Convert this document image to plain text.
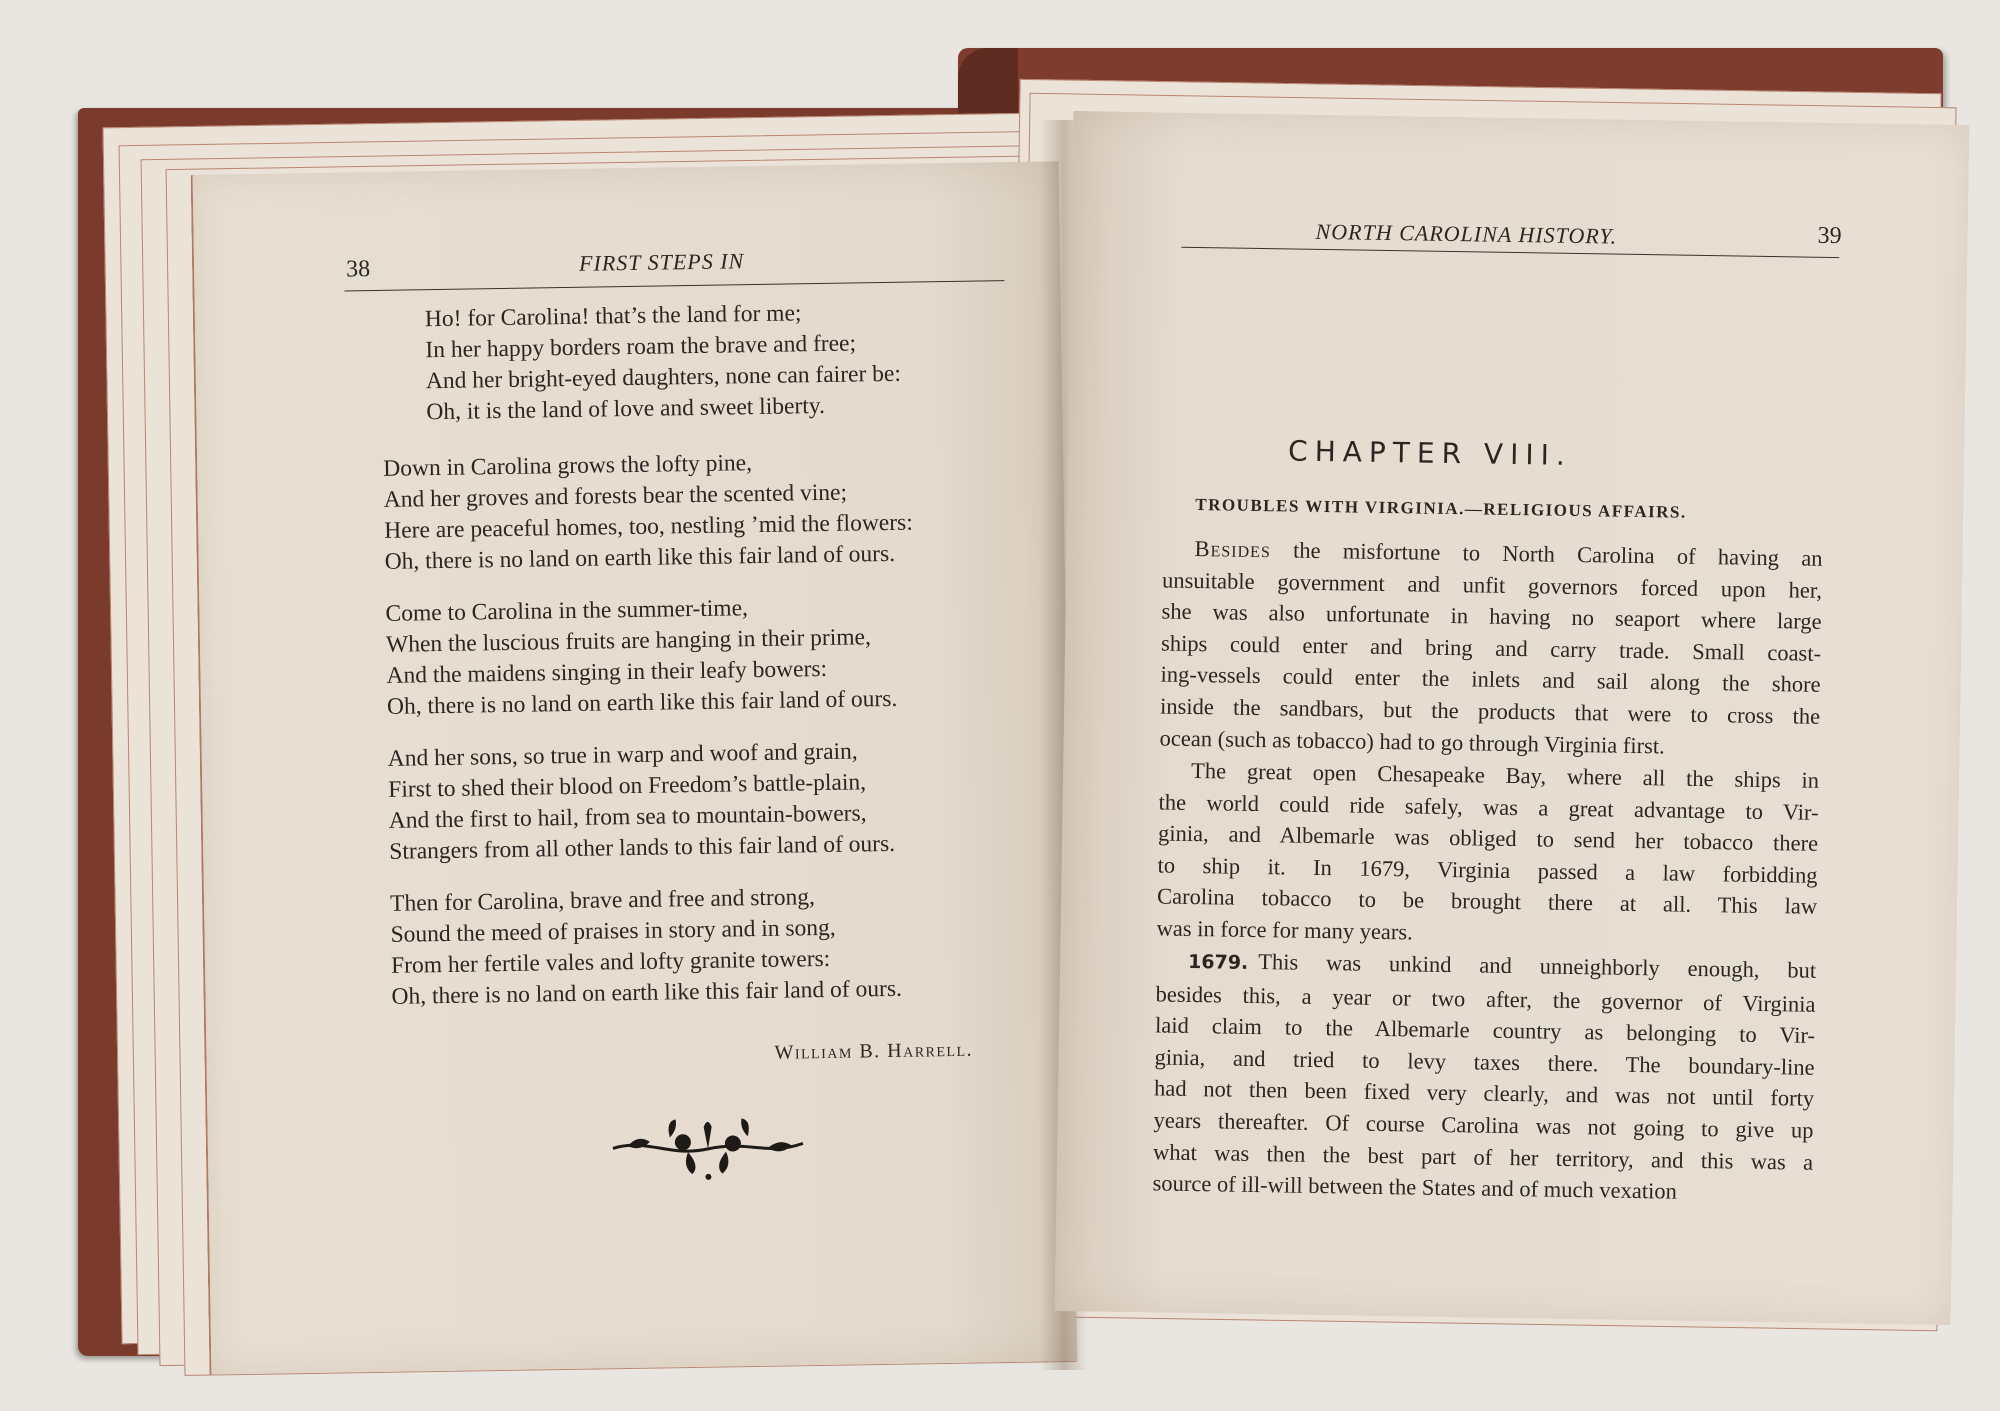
38	FIRST STEPS IN
Ho! for Carolina! that’s the land for me;
In her happy borders roam the brave and free;
And her bright-eyed daughters, none can fairer be:
Oh, it is the land of love and sweet liberty.
Down in Carolina grows the lofty pine,
And her groves and forests bear the scented vine;
Here are peaceful homes, too, nestling ’mid the flowers:
Oh, there is no land on earth like this fair land of ours.
Come to Carolina in the summer-time,
When the luscious fruits are hanging in their prime,
And the maidens singing in their leafy bowers:
Oh, there is no land on earth like this fair land of ours.
And her sons, so true in warp and woof and grain,
First to shed their blood on Freedom’s battle-plain,
And the first to hail, from sea to mountain-bowers,
Strangers from all other lands to this fair land of ours.
Then for Carolina, brave and free and strong,
Sound the meed of praises in story and in song,
From her fertile vales and lofty granite towers:
Oh, there is no land on earth like this fair land of ours.
William B. Harrell.
NORTH CAROLINA HISTORY.	39
CHAPTER VIII.
TROUBLES WITH VIRGINIA.—RELIGIOUS AFFAIRS.
Besides the misfortune to North Carolina of having an
unsuitable government and unfit governors forced upon her,
she was also unfortunate in having no seaport where large
ships could enter and bring and carry trade. Small coast-
ing-vessels could enter the inlets and sail along the shore
inside the sandbars, but the products that were to cross the
ocean (such as tobacco) had to go through Virginia first.
The great open Chesapeake Bay, where all the ships in
the world could ride safely, was a great advantage to Vir-
ginia, and Albemarle was obliged to send her tobacco there
to ship it. In 1679, Virginia passed a law forbidding
Carolina tobacco to be brought there at all. This law
was in force for many years.
1679. This was unkind and unneighborly enough, but
besides this, a year or two after, the governor of Virginia
laid claim to the Albemarle country as belonging to Vir-
ginia, and tried to levy taxes there. The boundary-line
had not then been fixed very clearly, and was not until forty
years thereafter. Of course Carolina was not going to give up
what was then the best part of her territory, and this was a
source of ill-will between the States and of much vexation
